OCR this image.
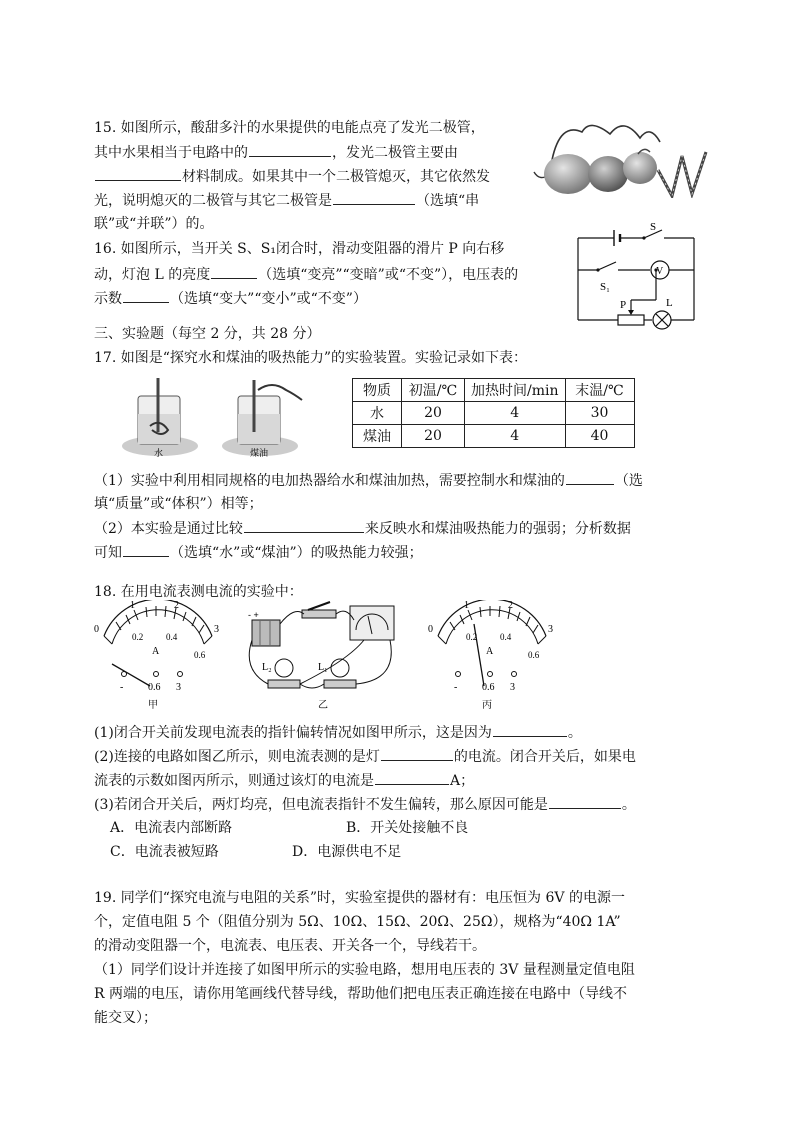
15. 如图所示，酸甜多汁的水果提供的电能点亮了发光二极管，
其中水果相当于电路中的	，发光二极管主要由
材料制成。如果其中一个二极管熄灭，其它依然发
光，说明熄灭的二极管与其它二极管是	（选填“串
联”或“并联”）的。
16. 如图所示，当开关 S、S₁闭合时，滑动变阻器的滑片 P 向右移
动，灯泡 L 的亮度	（选填“变亮”“变暗”或“不变”），电压表的
示数	（选填“变大”“变小”或“不变”）
S
S₁
V
P	L
三、实验题（每空 2 分，共 28 分）
17. 如图是“探究水和煤油的吸热能力”的实验装置。实验记录如下表：
水	煤油
物质	初温/℃	加热时间/min	末温/℃
水	20	4	30
煤油	20	4	40
（1）实验中利用相同规格的电加热器给水和煤油加热，需要控制水和煤油的	（选
填“质量”或“体积”）相等；
（2）本实验是通过比较	来反映水和煤油吸热能力的强弱；分析数据
可知	（选填“水”或“煤油”）的吸热能力较强；
18. 在用电流表测电流的实验中：
0
1	2
3
0.2	0.4
0.6
A
- 0.6 3
甲
- +
L₂	L₁
乙
0
1	2
3
0.2	0.4
0.6
A
- 0.6 3
丙
(1)闭合开关前发现电流表的指针偏转情况如图甲所示，这是因为	。
(2)连接的电路如图乙所示，则电流表测的是灯	的电流。闭合开关后，如果电
流表的示数如图丙所示，则通过该灯的电流是	A；
(3)若闭合开关后，两灯均亮，但电流表指针不发生偏转，那么原因可能是	。
A．电流表内部断路	B．开关处接触不良
C．电流表被短路	D．电源供电不足
19. 同学们“探究电流与电阻的关系”时，实验室提供的器材有：电压恒为 6V 的电源一
个，定值电阻 5 个（阻值分别为 5Ω、10Ω、15Ω、20Ω、25Ω），规格为“40Ω 1A”
的滑动变阻器一个，电流表、电压表、开关各一个，导线若干。
（1）同学们设计并连接了如图甲所示的实验电路，想用电压表的 3V 量程测量定值电阻
R 两端的电压，请你用笔画线代替导线，帮助他们把电压表正确连接在电路中（导线不
能交叉）；
